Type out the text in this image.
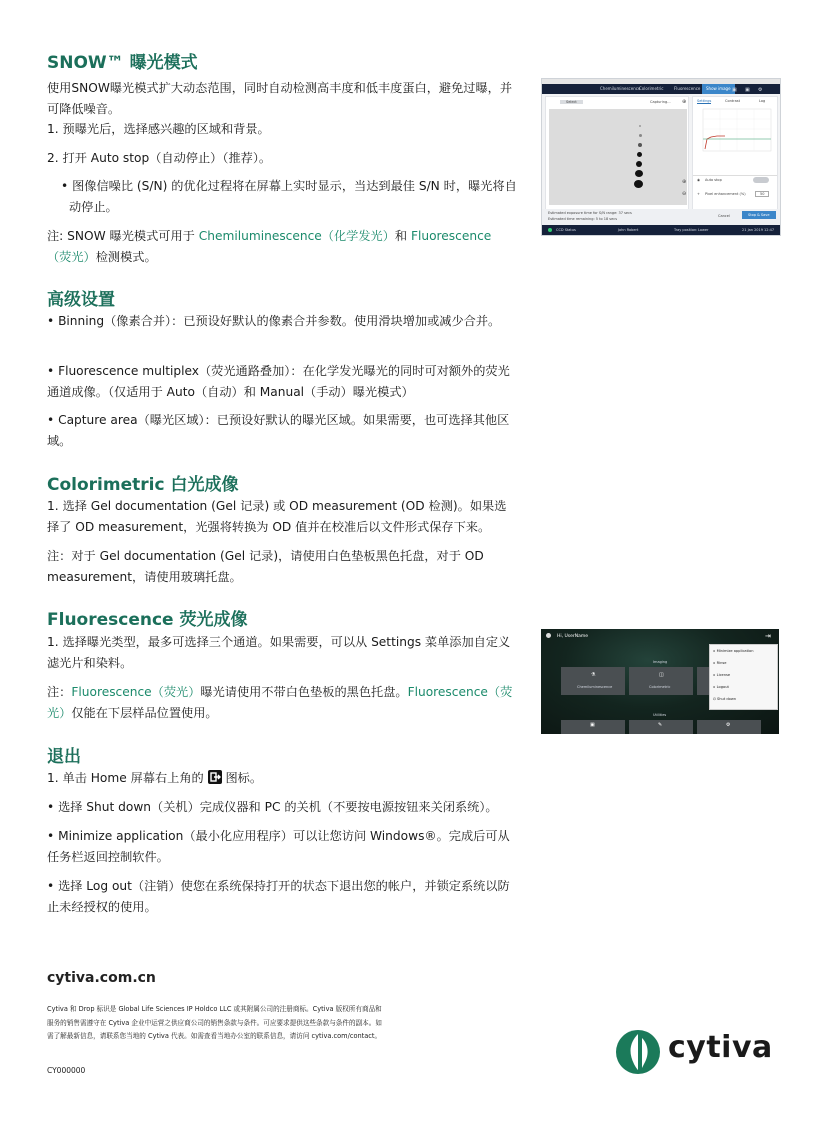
SNOW™ 曝光模式

使用SNOW曝光模式扩大动态范围，同时自动检测高丰度和低丰度蛋白，避免过曝，并可降低噪音。

1. 预曝光后，选择感兴趣的区域和背景。

2. 打开 Auto stop（自动停止）（推荐）。

• 图像信噪比 (S/N) 的优化过程将在屏幕上实时显示，当达到最佳 S/N 时，曝光将自动停止。

注: SNOW 曝光模式可用于 Chemiluminescence（化学发光）和 Fluorescence（荧光）检测模式。

高级设置

• Binning（像素合并）：已预设好默认的像素合并参数。使用滑块增加或减少合并。

• Fluorescence multiplex（荧光通路叠加）：在化学发光曝光的同时可对额外的荧光通道成像。（仅适用于 Auto（自动）和 Manual（手动）曝光模式）

• Capture area（曝光区域）：已预设好默认的曝光区域。如果需要，也可选择其他区域。

Colorimetric 白光成像

1. 选择 Gel documentation (Gel 记录) 或 OD measurement (OD 检测)。如果选择了 OD measurement，光强将转换为 OD 值并在校准后以文件形式保存下来。

注：对于 Gel documentation (Gel 记录)，请使用白色垫板黑色托盘，对于 OD measurement，请使用玻璃托盘。

Fluorescence 荧光成像

1. 选择曝光类型，最多可选择三个通道。如果需要，可以从 Settings 菜单添加自定义滤光片和染料。

注：Fluorescence（荧光）曝光请使用不带白色垫板的黑色托盘。Fluorescence（荧光）仅能在下层样品位置使用。

退出

1. 单击 Home 屏幕右上角的 图标。

• 选择 Shut down（关机）完成仪器和 PC 的关机（不要按电源按钮来关闭系统）。

• Minimize application（最小化应用程序）可以让您访问 Windows®。完成后可从任务栏返回控制软件。

• 选择 Log out（注销）使您在系统保持打开的状态下退出您的帐户，并锁定系统以防止未经授权的使用。

Chemiluminescence
Colorimetric	Fluorescence	Show image ▣ ▣ ⚙
Select	Capturing... ⊕
⊕
⊖
Settings	Contrast	Log
◉ Auto stop
+ Pixel enhancement (%)	50
Estimated exposure time for S/N range: 37 secs
Estimated time remaining: 5 to 18 secs
Cancel	Stop & Save
CCD Status	John Robert	Tray position: Lower	21 Jan 2019 12:47
Hi, UserName	⇥
Imaging
⚗
Chemiluminescence
◫
Colorimetric
Utilities
▣	✎	⚙
▫ Minimize application
▫ Rinse
▫ License
▫ Logout
⏻ Shut down
cytiva.com.cn
Cytiva 和 Drop 标识是 Global Life Sciences IP Holdco LLC 或其附属公司的注册商标。Cytiva 版权所有商品和服务的销售需遵守在 Cytiva 企业中运营之供应商公司的销售条款与条件。可应要求提供这些条款与条件的副本。如需了解最新信息，请联系您当地的 Cytiva 代表。如需查看当地办公室的联系信息，请访问 cytiva.com/contact。
CY000000
cytiva
